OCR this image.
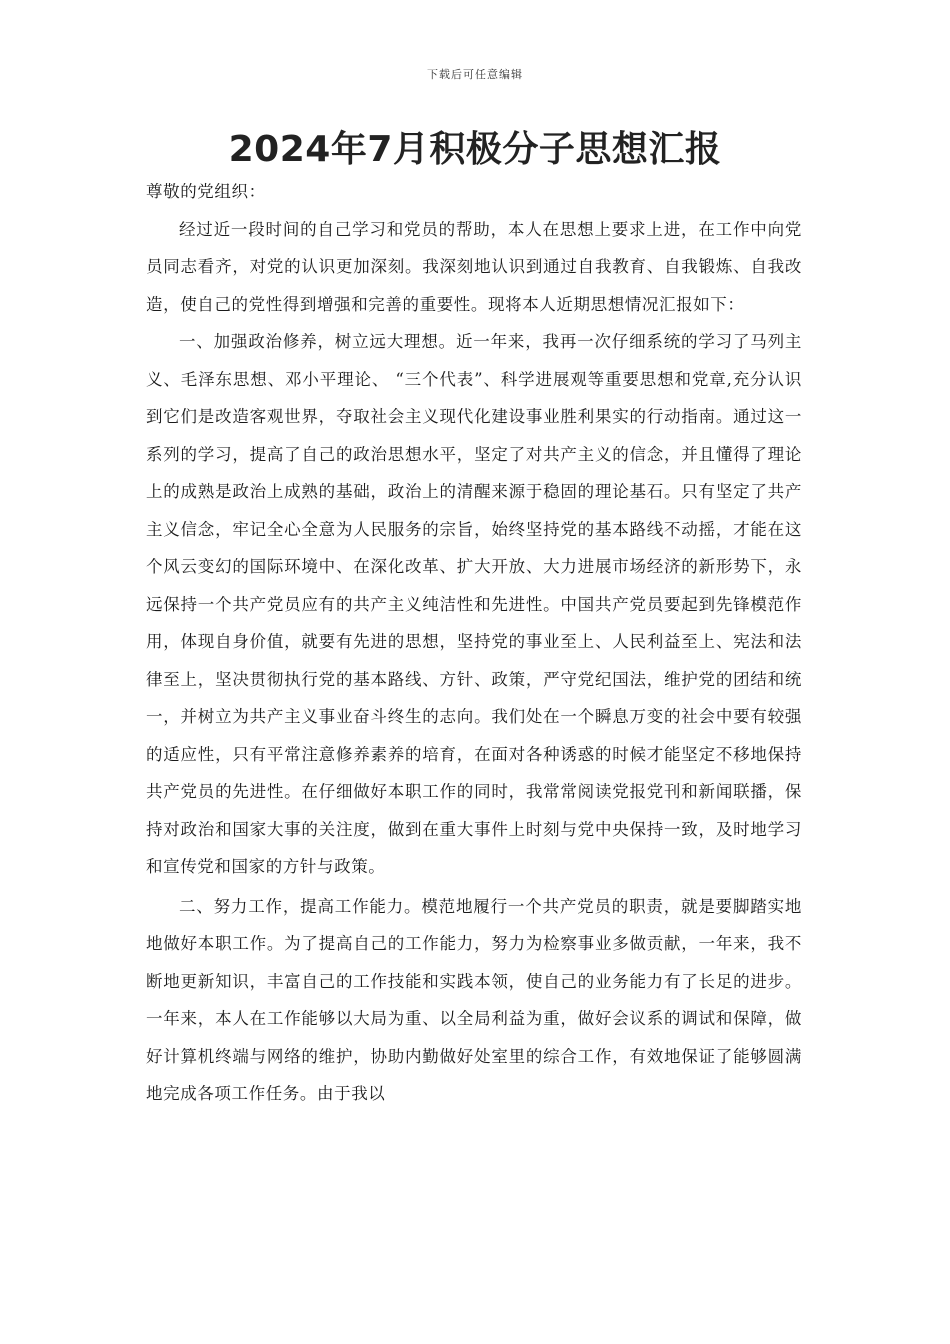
下载后可任意编辑
2024年7月积极分子思想汇报

尊敬的党组织：

经过近一段时间的自己学习和党员的帮助，本人在思想上要求上进，在工作中向党员同志看齐，对党的认识更加深刻。我深刻地认识到通过自我教育、自我锻炼、自我改造，使自己的党性得到增强和完善的重要性。现将本人近期思想情况汇报如下：

一、加强政治修养，树立远大理想。近一年来，我再一次仔细系统的学习了马列主义、毛泽东思想、邓小平理论、 “三个代表”、科学进展观等重要思想和党章,充分认识到它们是改造客观世界，夺取社会主义现代化建设事业胜利果实的行动指南。通过这一系列的学习，提高了自己的政治思想水平，坚定了对共产主义的信念，并且懂得了理论上的成熟是政治上成熟的基础，政治上的清醒来源于稳固的理论基石。只有坚定了共产主义信念，牢记全心全意为人民服务的宗旨，始终坚持党的基本路线不动摇，才能在这个风云变幻的国际环境中、在深化改革、扩大开放、大力进展市场经济的新形势下，永远保持一个共产党员应有的共产主义纯洁性和先进性。中国共产党员要起到先锋模范作用，体现自身价值，就要有先进的思想，坚持党的事业至上、人民利益至上、宪法和法律至上，坚决贯彻执行党的基本路线、方针、政策，严守党纪国法，维护党的团结和统一，并树立为共产主义事业奋斗终生的志向。我们处在一个瞬息万变的社会中要有较强的适应性，只有平常注意修养素养的培育，在面对各种诱惑的时候才能坚定不移地保持共产党员的先进性。在仔细做好本职工作的同时，我常常阅读党报党刊和新闻联播，保持对政治和国家大事的关注度，做到在重大事件上时刻与党中央保持一致，及时地学习和宣传党和国家的方针与政策。

二、努力工作，提高工作能力。模范地履行一个共产党员的职责，就是要脚踏实地地做好本职工作。为了提高自己的工作能力，努力为检察事业多做贡献，一年来，我不断地更新知识，丰富自己的工作技能和实践本领，使自己的业务能力有了长足的进步。一年来，本人在工作能够以大局为重、以全局利益为重，做好会议系的调试和保障，做好计算机终端与网络的维护，协助内勤做好处室里的综合工作，有效地保证了能够圆满地完成各项工作任务。由于我以
